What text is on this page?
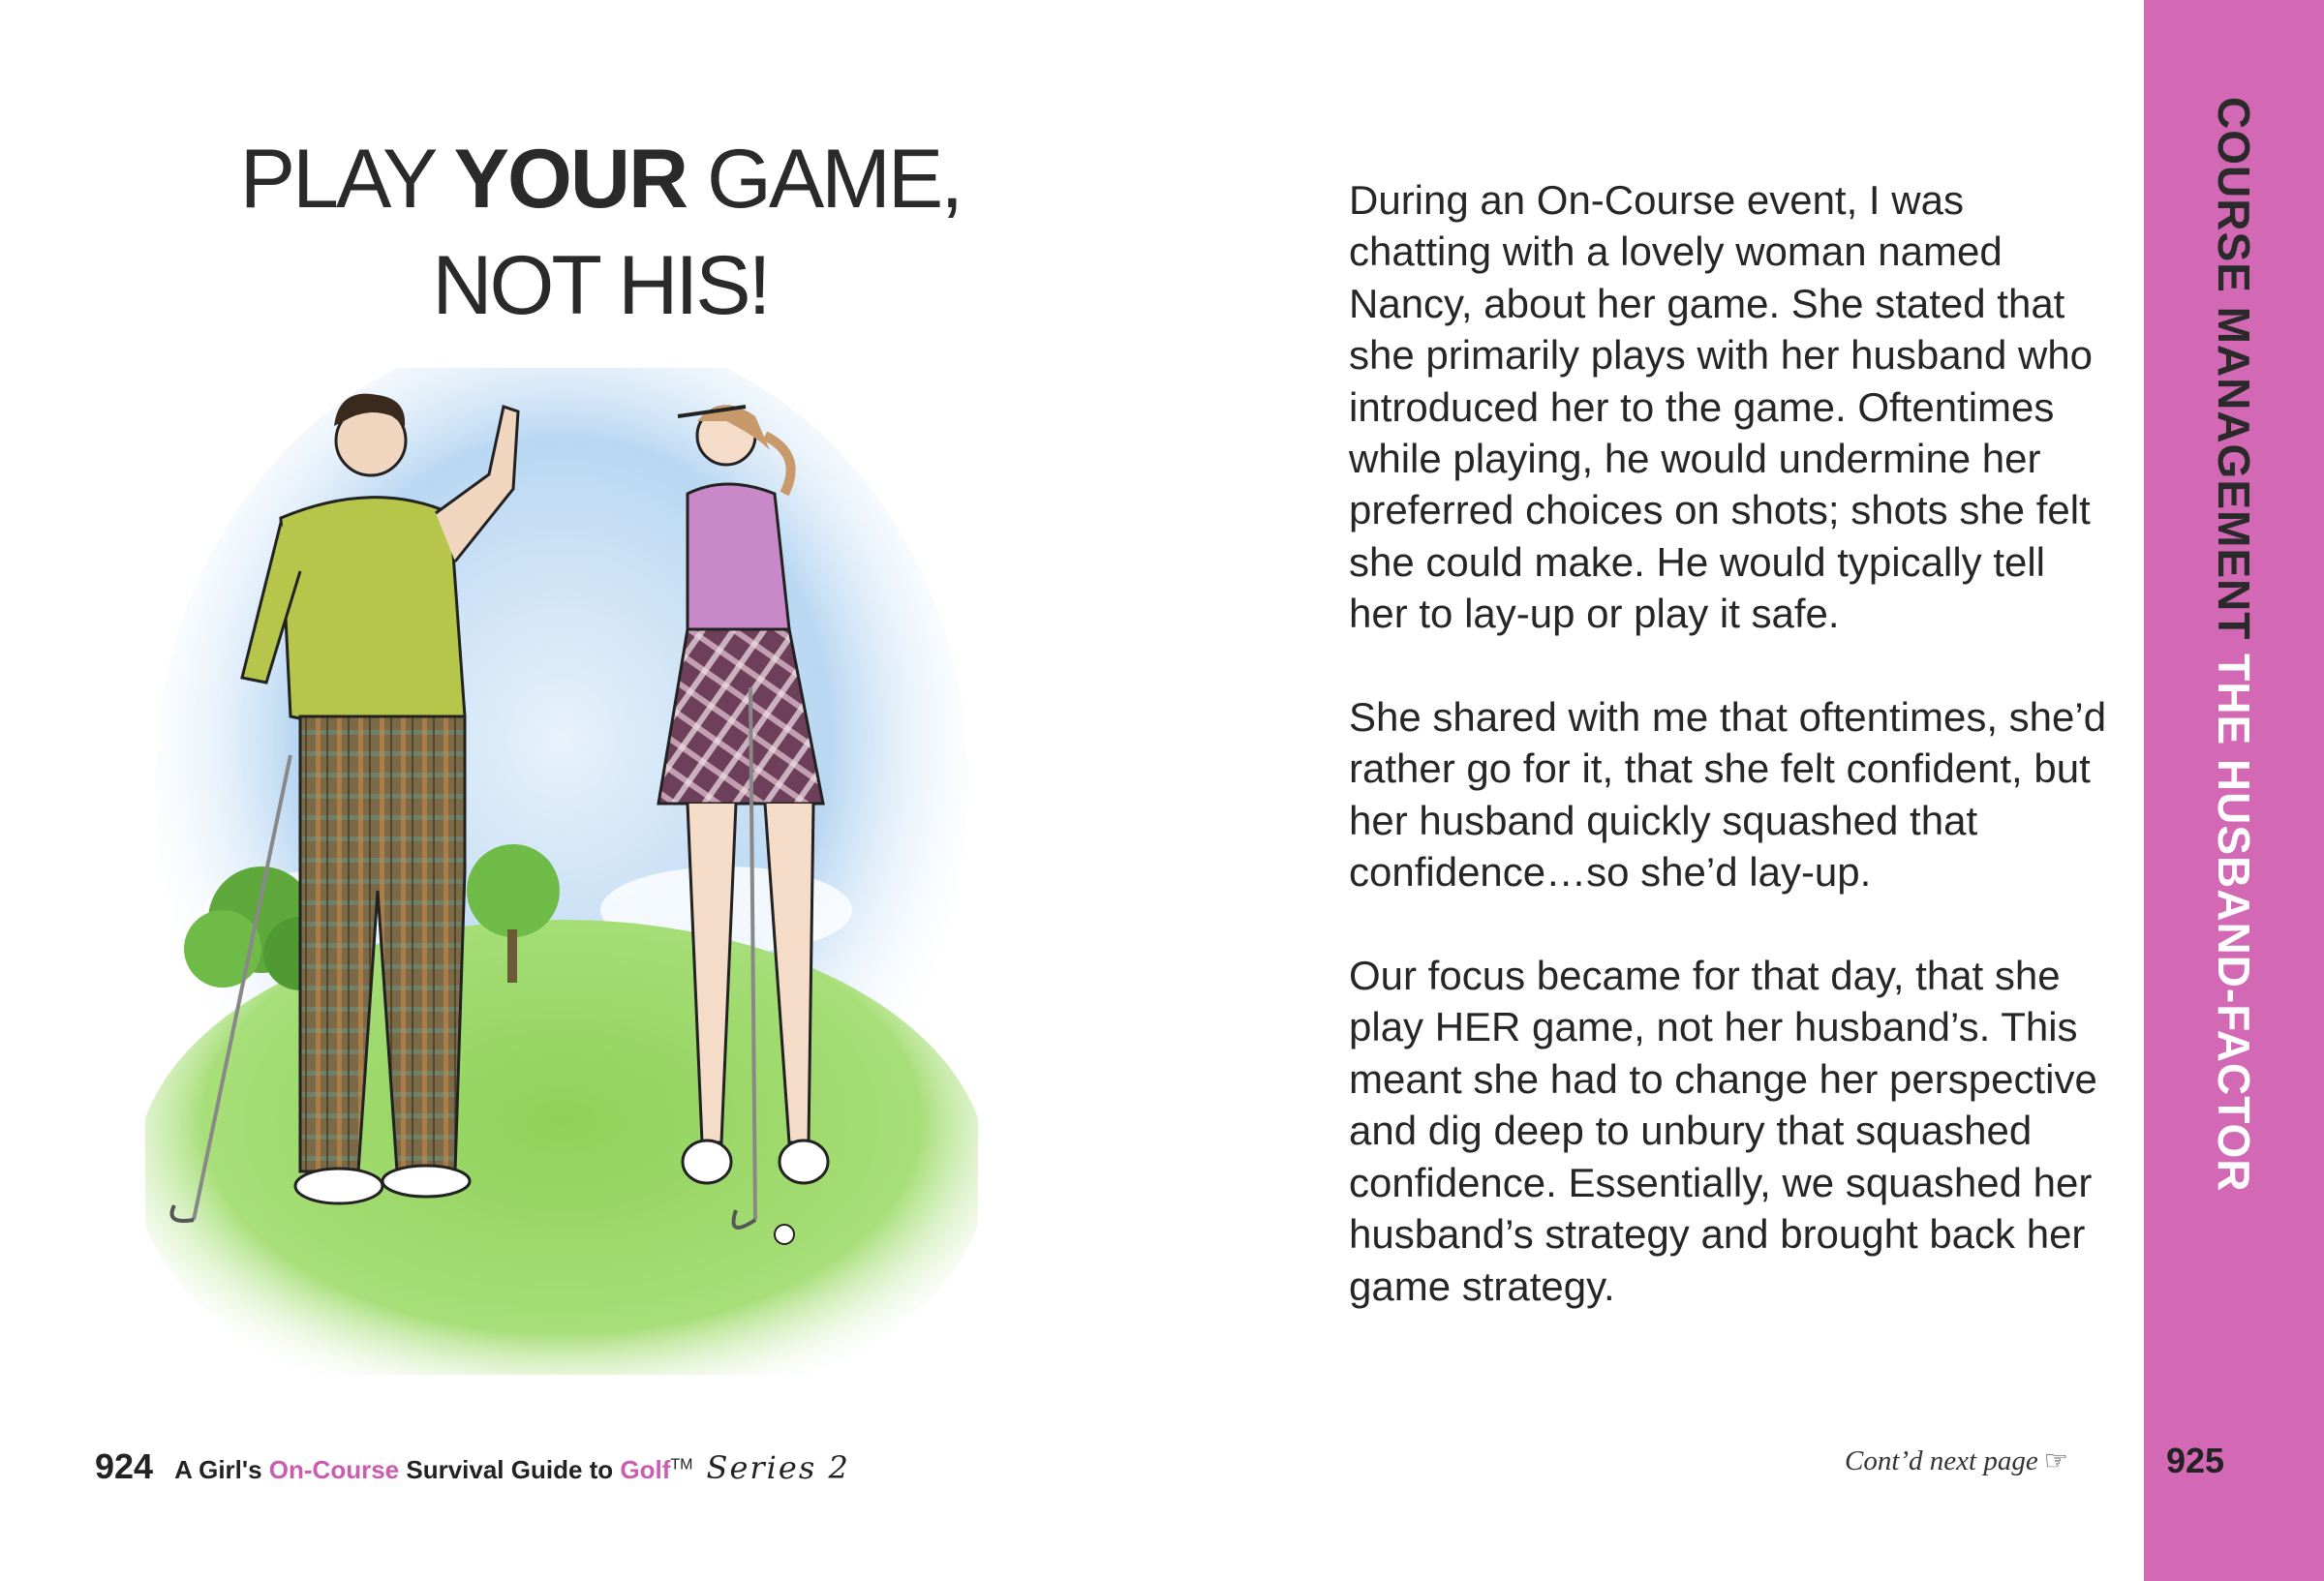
PLAY YOUR GAME,
NOT HIS!
924 A Girl's On-Course Survival Guide to Golf™ Series 2

During an On-Course event, I was chatting with a lovely woman named Nancy, about her game. She stated that she primarily plays with her husband who introduced her to the game. Oftentimes while playing, he would undermine her preferred choices on shots; shots she felt she could make. He would typically tell her to lay-up or play it safe.

She shared with me that oftentimes, she’d rather go for it, that she felt confident, but her husband quickly squashed that confidence…so she’d lay-up.

Our focus became for that day, that she play HER game, not her husband’s. This meant she had to change her perspective and dig deep to unbury that squashed confidence. Essentially, we squashed her husband’s strategy and brought back her game strategy.

Cont’d next page ☞
COURSE MANAGEMENT THE HUSBAND-FACTOR
925
